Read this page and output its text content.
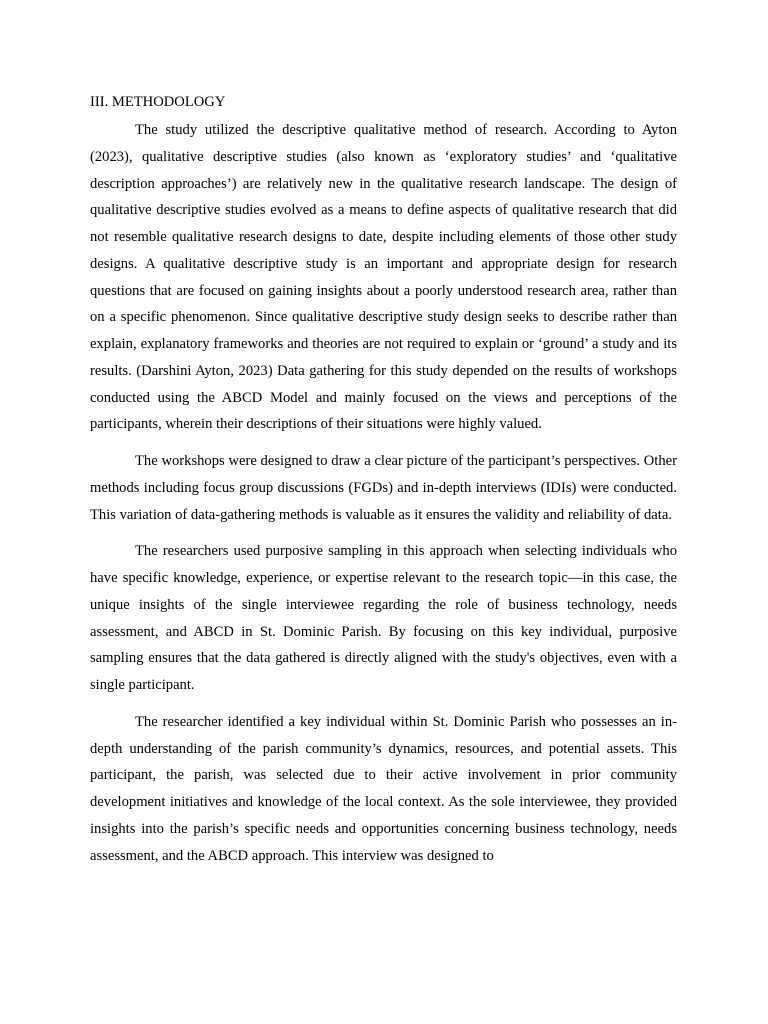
III. METHODOLOGY

The study utilized the descriptive qualitative method of research. According to Ayton (2023), qualitative descriptive studies (also known as ‘exploratory studies’ and ‘qualitative description approaches’) are relatively new in the qualitative research landscape. The design of qualitative descriptive studies evolved as a means to define aspects of qualitative research that did not resemble qualitative research designs to date, despite including elements of those other study designs. A qualitative descriptive study is an important and appropriate design for research questions that are focused on gaining insights about a poorly understood research area, rather than on a specific phenomenon. Since qualitative descriptive study design seeks to describe rather than explain, explanatory frameworks and theories are not required to explain or ‘ground’ a study and its results. (Darshini Ayton, 2023) Data gathering for this study depended on the results of workshops conducted using the ABCD Model and mainly focused on the views and perceptions of the participants, wherein their descriptions of their situations were highly valued.

The workshops were designed to draw a clear picture of the participant’s perspectives. Other methods including focus group discussions (FGDs) and in-depth interviews (IDIs) were conducted. This variation of data-gathering methods is valuable as it ensures the validity and reliability of data.

The researchers used purposive sampling in this approach when selecting individuals who have specific knowledge, experience, or expertise relevant to the research topic—in this case, the unique insights of the single interviewee regarding the role of business technology, needs assessment, and ABCD in St. Dominic Parish. By focusing on this key individual, purposive sampling ensures that the data gathered is directly aligned with the study's objectives, even with a single participant.

The researcher identified a key individual within St. Dominic Parish who possesses an in-depth understanding of the parish community’s dynamics, resources, and potential assets. This participant, the parish, was selected due to their active involvement in prior community development initiatives and knowledge of the local context. As the sole interviewee, they provided insights into the parish’s specific needs and opportunities concerning business technology, needs assessment, and the ABCD approach. This interview was designed to
